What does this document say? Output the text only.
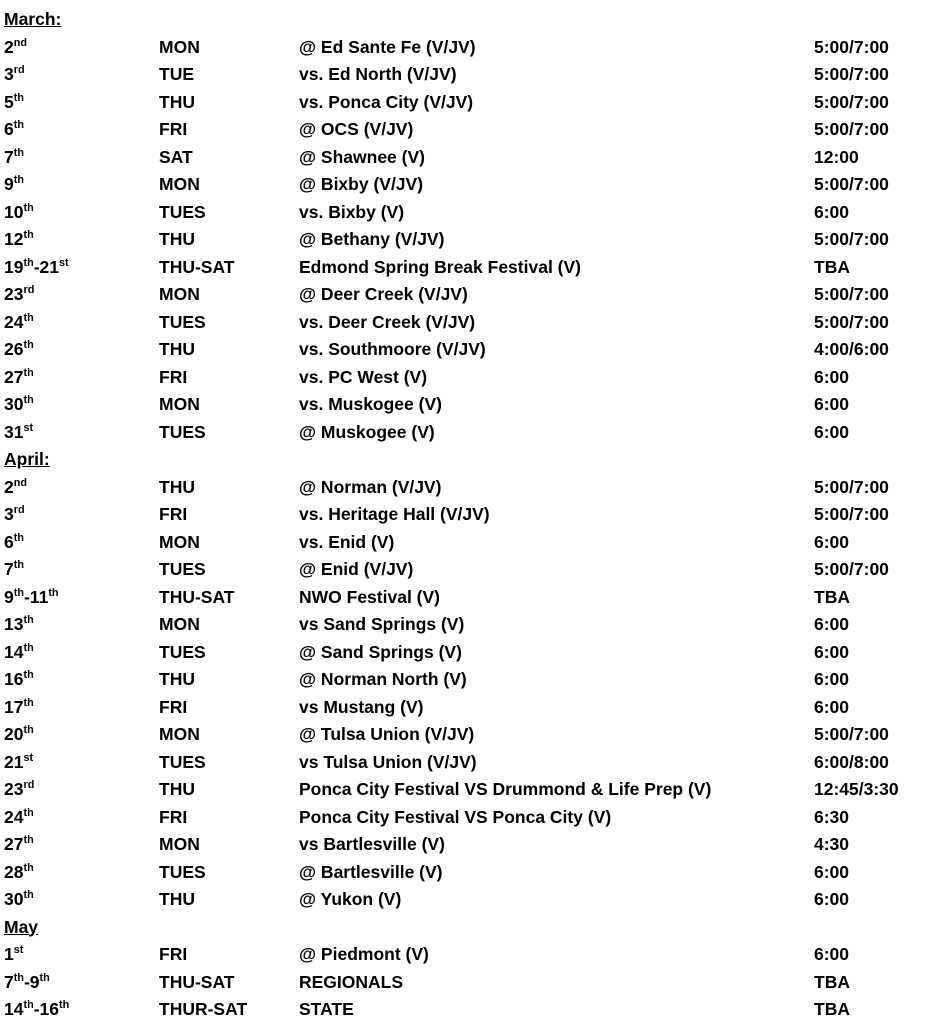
March:
2nd	MON	@ Ed Sante Fe (V/JV)	5:00/7:00
3rd	TUE	vs. Ed North (V/JV)	5:00/7:00
5th	THU	vs. Ponca City (V/JV)	5:00/7:00
6th	FRI	@ OCS (V/JV)	5:00/7:00
7th	SAT	@ Shawnee (V)	12:00
9th	MON	@ Bixby (V/JV)	5:00/7:00
10th	TUES	vs. Bixby (V)	6:00
12th	THU	@ Bethany (V/JV)	5:00/7:00
19th-21st	THU-SAT	Edmond Spring Break Festival (V)	TBA
23rd	MON	@ Deer Creek (V/JV)	5:00/7:00
24th	TUES	vs. Deer Creek (V/JV)	5:00/7:00
26th	THU	vs. Southmoore (V/JV)	4:00/6:00
27th	FRI	vs. PC West (V)	6:00
30th	MON	vs. Muskogee (V)	6:00
31st	TUES	@ Muskogee (V)	6:00
April:
2nd	THU	@ Norman (V/JV)	5:00/7:00
3rd	FRI	vs. Heritage Hall (V/JV)	5:00/7:00
6th	MON	vs. Enid (V)	6:00
7th	TUES	@ Enid (V/JV)	5:00/7:00
9th-11th	THU-SAT	NWO Festival (V)	TBA
13th	MON	vs Sand Springs (V)	6:00
14th	TUES	@ Sand Springs (V)	6:00
16th	THU	@ Norman North (V)	6:00
17th	FRI	vs Mustang (V)	6:00
20th	MON	@ Tulsa Union (V/JV)	5:00/7:00
21st	TUES	vs Tulsa Union (V/JV)	6:00/8:00
23rd	THU	Ponca City Festival VS Drummond & Life Prep (V)	12:45/3:30
24th	FRI	Ponca City Festival VS Ponca City (V)	6:30
27th	MON	vs Bartlesville (V)	4:30
28th	TUES	@ Bartlesville (V)	6:00
30th	THU	@ Yukon (V)	6:00
May
1st	FRI	@ Piedmont (V)	6:00
7th-9th	THU-SAT	REGIONALS	TBA
14th-16th	THUR-SAT	STATE	TBA
